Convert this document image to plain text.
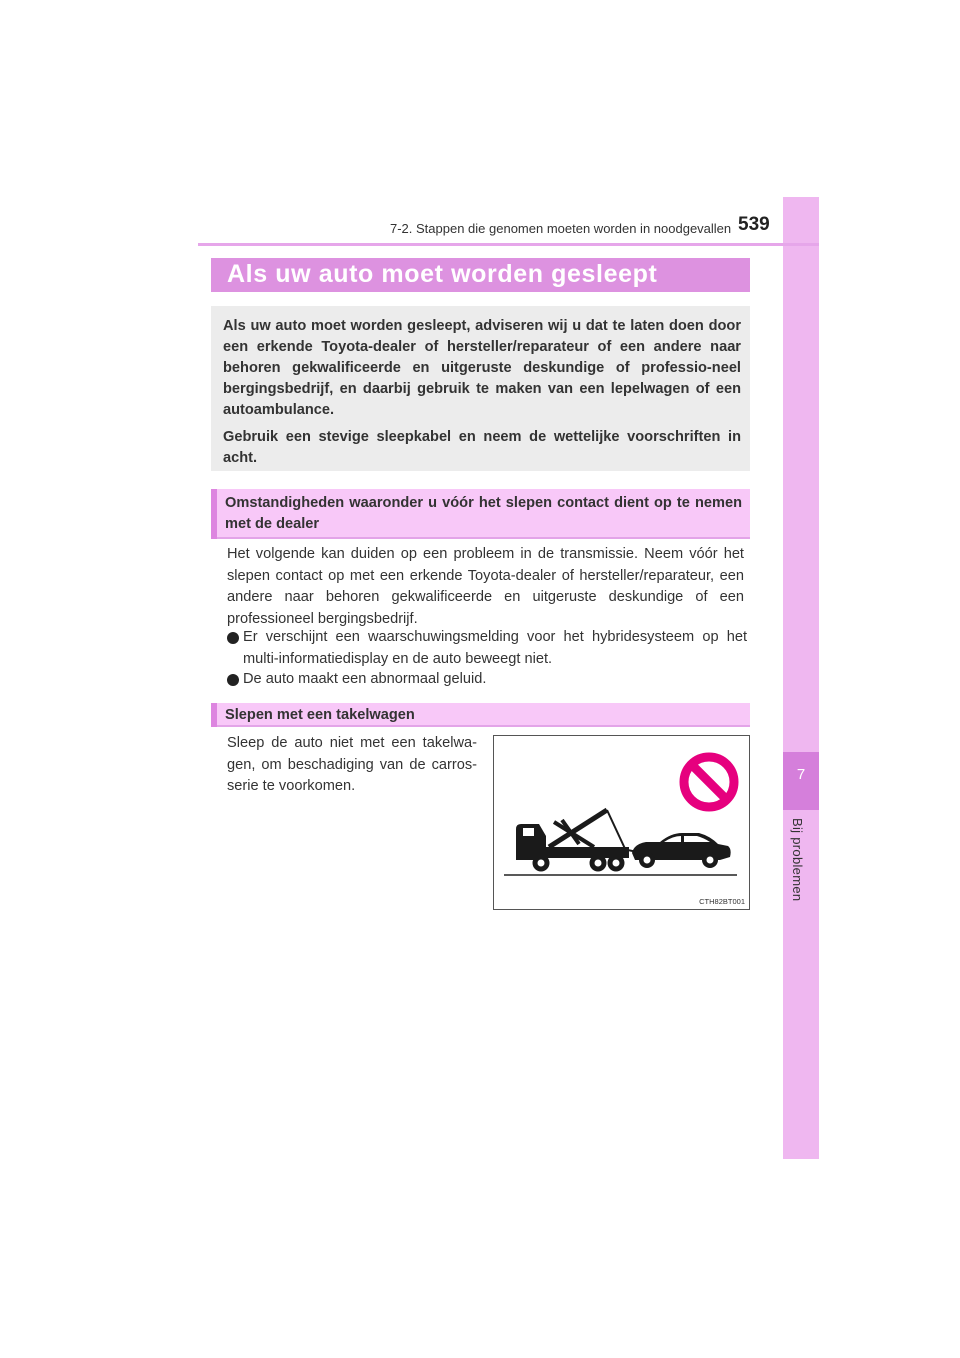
7
Bij problemen
7-2. Stappen die genomen moeten worden in noodgevallen 539
Als uw auto moet worden gesleept

Als uw auto moet worden gesleept, adviseren wij u dat te laten doen door een erkende Toyota-dealer of hersteller/reparateur of een andere naar behoren gekwalificeerde en uitgeruste deskundige of professio-neel bergingsbedrijf, en daarbij gebruik te maken van een lepelwagen of een autoambulance.

Gebruik een stevige sleepkabel en neem de wettelijke voorschriften in acht.

Omstandigheden waaronder u vóór het slepen contact dient op te nemen met de dealer

Het volgende kan duiden op een probleem in de transmissie. Neem vóór het slepen contact op met een erkende Toyota-dealer of hersteller/reparateur, een andere naar behoren gekwalificeerde en uitgeruste deskundige of een professioneel bergingsbedrijf.

Er verschijnt een waarschuwingsmelding voor het hybridesysteem op het multi-informatiedisplay en de auto beweegt niet.
De auto maakt een abnormaal geluid.
Slepen met een takelwagen

Sleep de auto niet met een takelwa-gen, om beschadiging van de carros-serie te voorkomen.

CTH82BT001
